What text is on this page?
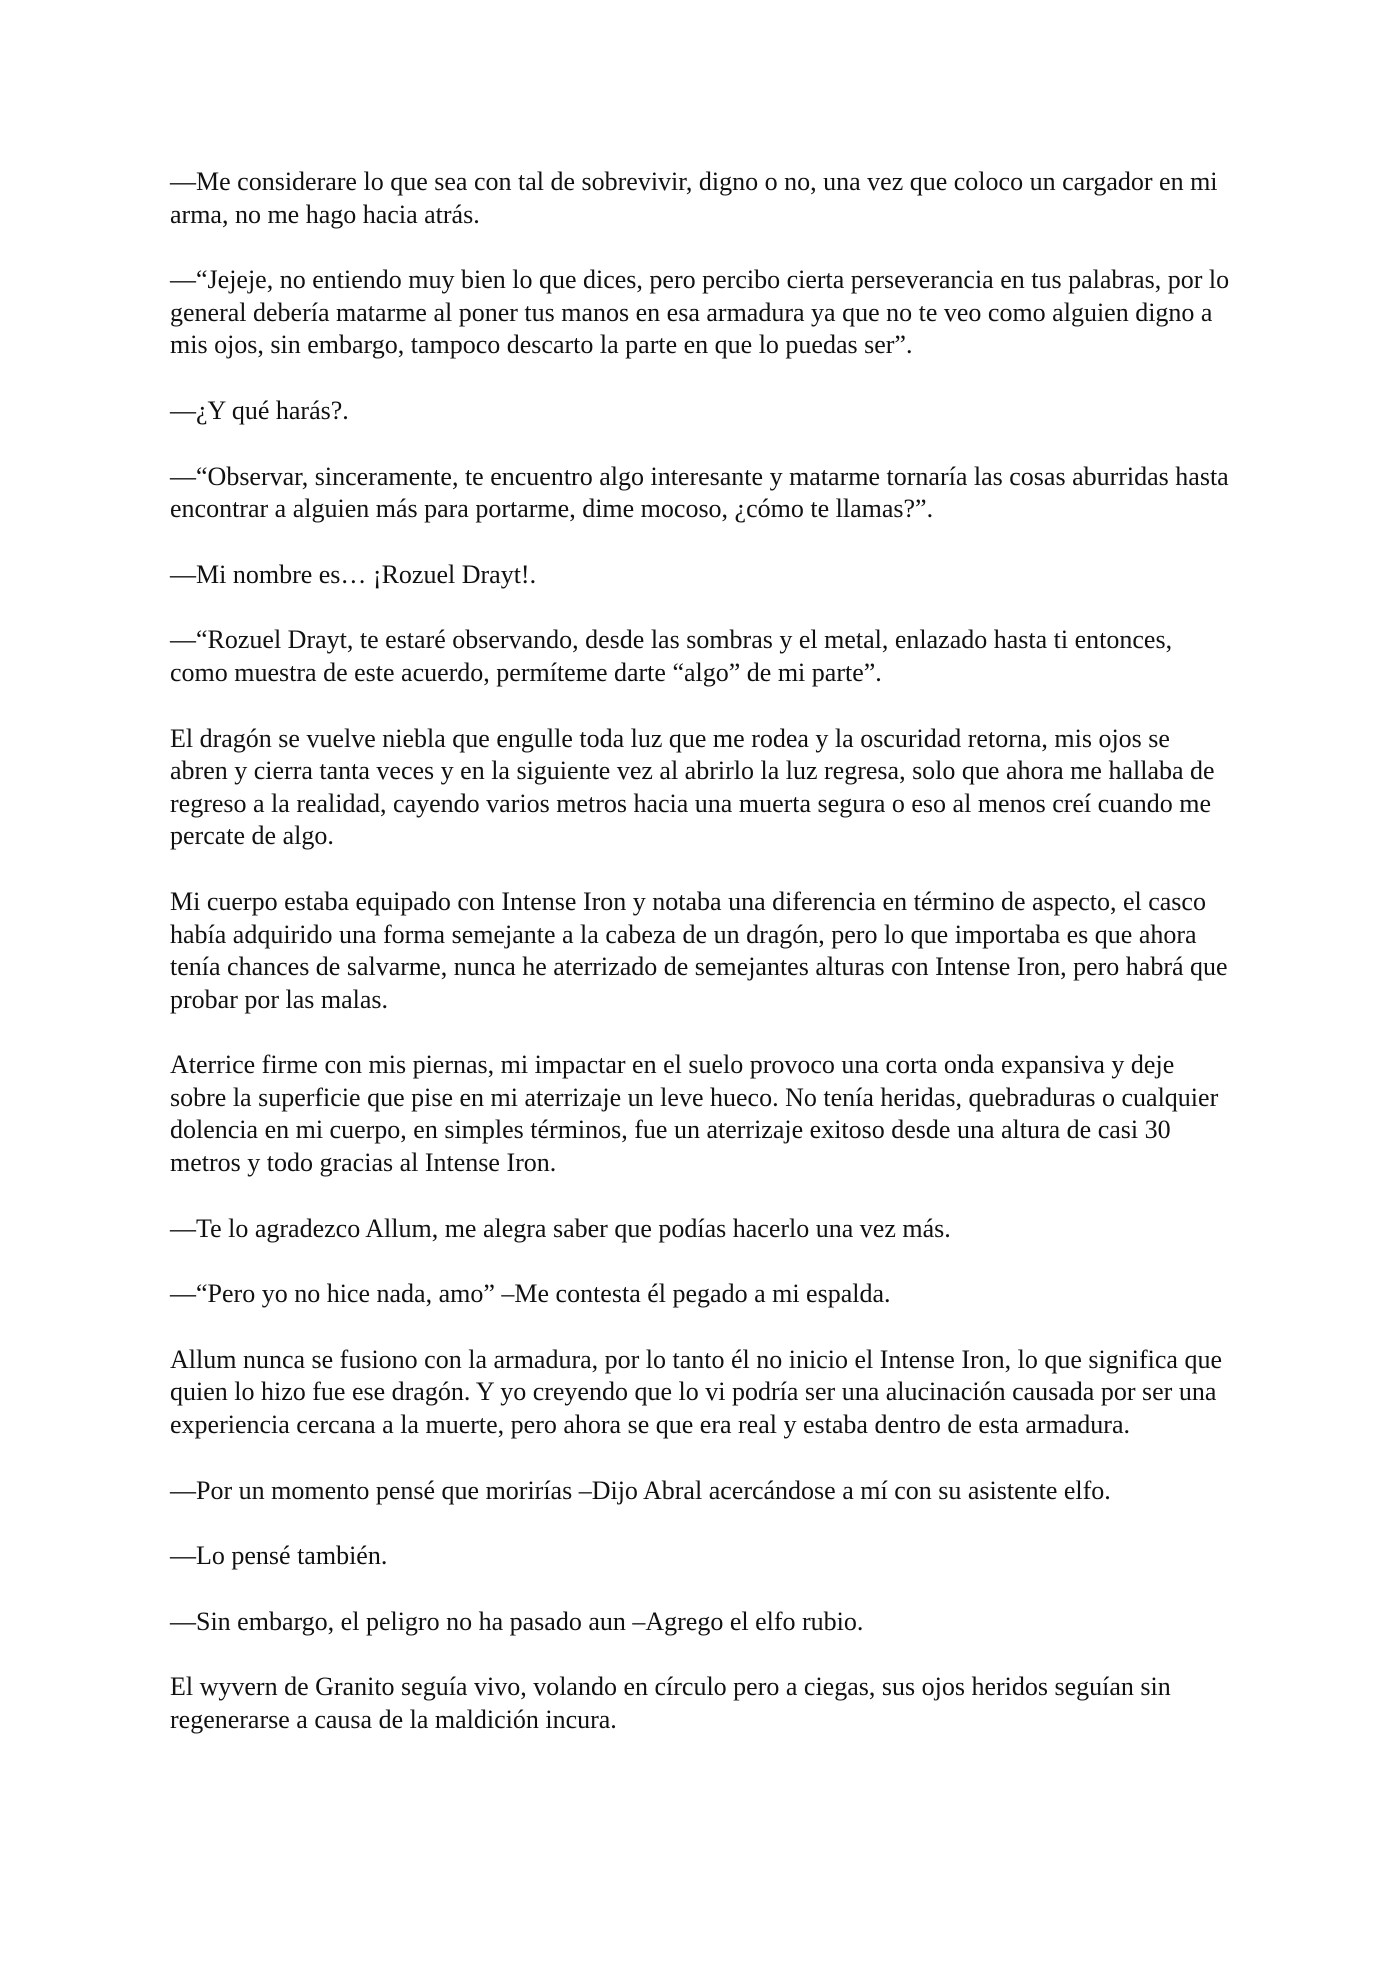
—Me considerare lo que sea con tal de sobrevivir, digno o no, una vez que coloco un cargador en mi arma, no me hago hacia atrás.

—“Jejeje, no entiendo muy bien lo que dices, pero percibo cierta perseverancia en tus palabras, por lo general debería matarme al poner tus manos en esa armadura ya que no te veo como alguien digno a mis ojos, sin embargo, tampoco descarto la parte en que lo puedas ser”.

—¿Y qué harás?.

—“Observar, sinceramente, te encuentro algo interesante y matarme tornaría las cosas aburridas hasta encontrar a alguien más para portarme, dime mocoso, ¿cómo te llamas?”.

—Mi nombre es… ¡Rozuel Drayt!.

—“Rozuel Drayt, te estaré observando, desde las sombras y el metal, enlazado hasta ti entonces, como muestra de este acuerdo, permíteme darte “algo” de mi parte”.

El dragón se vuelve niebla que engulle toda luz que me rodea y la oscuridad retorna, mis ojos se abren y cierra tanta veces y en la siguiente vez al abrirlo la luz regresa, solo que ahora me hallaba de regreso a la realidad, cayendo varios metros hacia una muerta segura o eso al menos creí cuando me percate de algo.

Mi cuerpo estaba equipado con Intense Iron y notaba una diferencia en término de aspecto, el casco había adquirido una forma semejante a la cabeza de un dragón, pero lo que importaba es que ahora tenía chances de salvarme, nunca he aterrizado de semejantes alturas con Intense Iron, pero habrá que probar por las malas.

Aterrice firme con mis piernas, mi impactar en el suelo provoco una corta onda expansiva y deje sobre la superficie que pise en mi aterrizaje un leve hueco. No tenía heridas, quebraduras o cualquier dolencia en mi cuerpo, en simples términos, fue un aterrizaje exitoso desde una altura de casi 30 metros y todo gracias al Intense Iron.

—Te lo agradezco Allum, me alegra saber que podías hacerlo una vez más.

—“Pero yo no hice nada, amo” –Me contesta él pegado a mi espalda.

Allum nunca se fusiono con la armadura, por lo tanto él no inicio el Intense Iron, lo que significa que quien lo hizo fue ese dragón. Y yo creyendo que lo vi podría ser una alucinación causada por ser una experiencia cercana a la muerte, pero ahora se que era real y estaba dentro de esta armadura.

—Por un momento pensé que morirías –Dijo Abral acercándose a mí con su asistente elfo.

—Lo pensé también.

—Sin embargo, el peligro no ha pasado aun –Agrego el elfo rubio.

El wyvern de Granito seguía vivo, volando en círculo pero a ciegas, sus ojos heridos seguían sin regenerarse a causa de la maldición incura.
